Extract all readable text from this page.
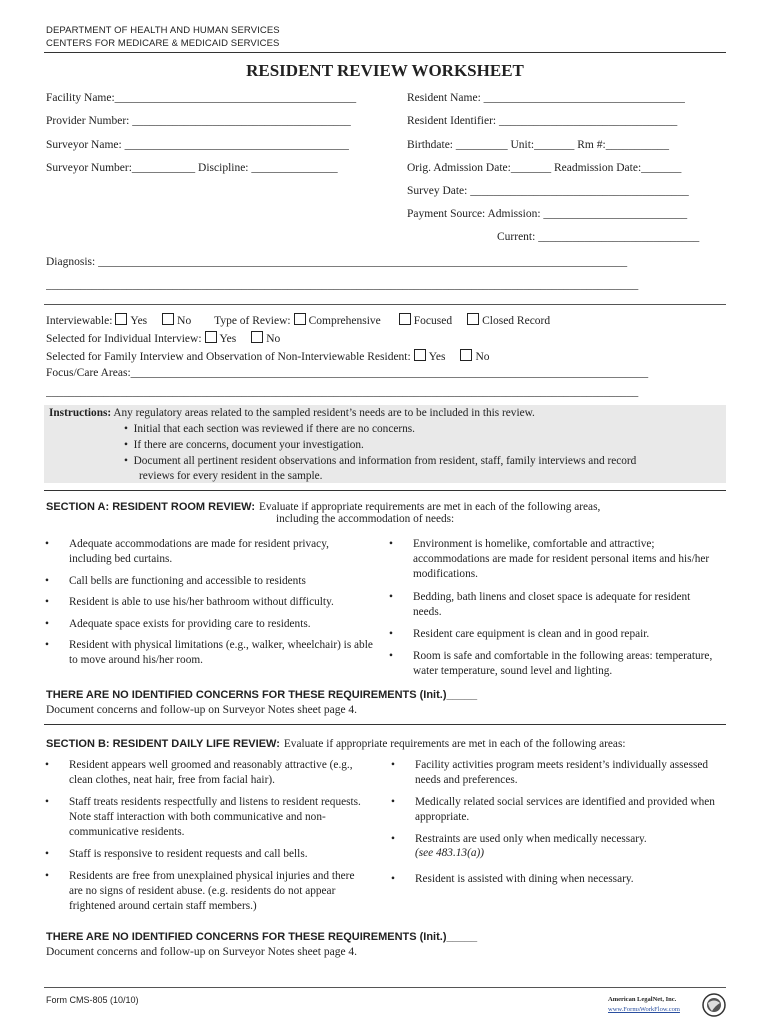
DEPARTMENT OF HEALTH AND HUMAN SERVICES
CENTERS FOR MEDICARE & MEDICAID SERVICES
RESIDENT REVIEW WORKSHEET
Facility Name:__________________________________________
Provider Number: ______________________________________
Surveyor Name: _______________________________________
Surveyor Number:___________ Discipline: _______________
Resident Name: ___________________________________
Resident Identifier: _______________________________
Birthdate: _________ Unit:_______ Rm #:___________
Orig. Admission Date:_______ Readmission Date:_______
Survey Date: ______________________________________
Payment Source: Admission: _________________________
Current: ____________________________
Diagnosis: ____________________________________________________________________________________________
_______________________________________________________________________________________________________
Interviewable: Yes	No Type of Review: Comprehensive	Focused	Closed Record
Selected for Individual Interview: Yes	No
Selected for Family Interview and Observation of Non-Interviewable Resident: Yes	No
Focus/Care Areas:__________________________________________________________________________________________
_______________________________________________________________________________________________________
Instructions: Any regulatory areas related to the sampled resident’s needs are to be included in this review.
• Initial that each section was reviewed if there are no concerns.
• If there are concerns, document your investigation.
• Document all pertinent resident observations and information from resident, staff, family interviews and record
reviews for every resident in the sample.
SECTION A: RESIDENT ROOM REVIEW: Evaluate if appropriate requirements are met in each of the following areas,
including the accommodation of needs:
• Adequate accommodations are made for resident privacy, including bed curtains.
• Call bells are functioning and accessible to residents
• Resident is able to use his/her bathroom without difficulty.
• Adequate space exists for providing care to residents.
• Resident with physical limitations (e.g., walker, wheelchair) is able to move around his/her room.
• Environment is homelike, comfortable and attractive; accommodations are made for resident personal items and his/her modifications.
• Bedding, bath linens and closet space is adequate for resident needs.
• Resident care equipment is clean and in good repair.
• Room is safe and comfortable in the following areas: temperature, water temperature, sound level and lighting.
THERE ARE NO IDENTIFIED CONCERNS FOR THESE REQUIREMENTS (Init.)_____
Document concerns and follow-up on Surveyor Notes sheet page 4.
SECTION B: RESIDENT DAILY LIFE REVIEW: Evaluate if appropriate requirements are met in each of the following areas:
• Resident appears well groomed and reasonably attractive (e.g., clean clothes, neat hair, free from facial hair).
• Staff treats residents respectfully and listens to resident requests. Note staff interaction with both communicative and non-communicative residents.
• Staff is responsive to resident requests and call bells.
• Residents are free from unexplained physical injuries and there are no signs of resident abuse. (e.g. residents do not appear frightened around certain staff members.)
• Facility activities program meets resident’s individually assessed needs and preferences.
• Medically related social services are identified and provided when appropriate.
• Restraints are used only when medically necessary.
(see 483.13(a))
• Resident is assisted with dining when necessary.
THERE ARE NO IDENTIFIED CONCERNS FOR THESE REQUIREMENTS (Init.)_____
Document concerns and follow-up on Surveyor Notes sheet page 4.
Form CMS-805 (10/10)	American LegalNet, Inc.
www.FormsWorkFlow.com
